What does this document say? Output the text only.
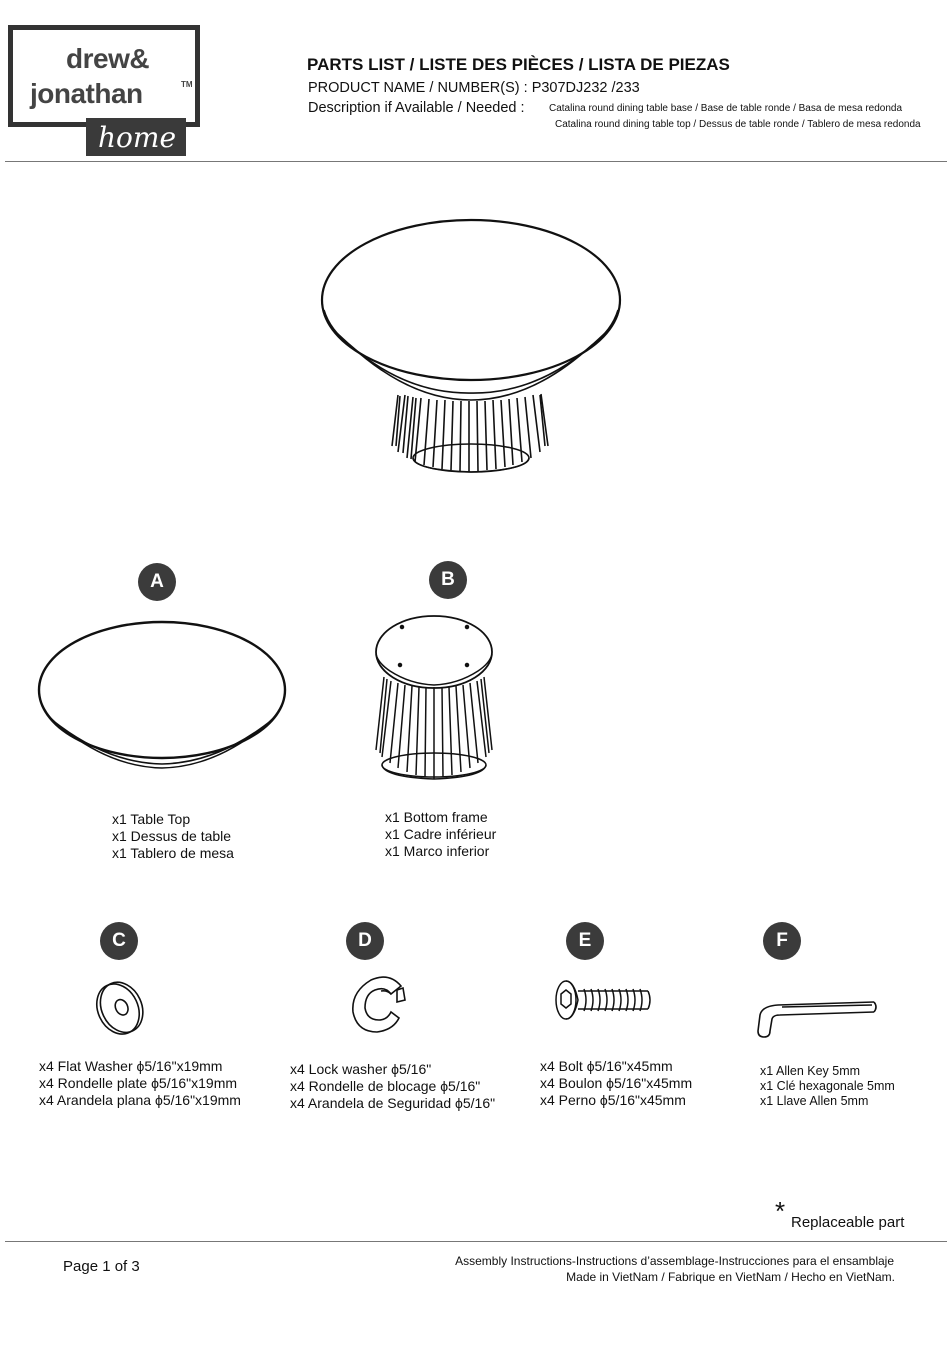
drew&
jonathan	TM
home
PARTS LIST / LISTE DES PIÈCES / LISTA DE PIEZAS
PRODUCT NAME / NUMBER(S) : P307DJ232 /233
Description if Available / Needed : Catalina round dining table base / Base de table ronde / Basa de mesa redonda
Catalina round dining table top / Dessus de table ronde / Tablero de mesa redonda
A	B
C	D	E	F
x1 Table Top
x1 Dessus de table
x1 Tablero de mesa
x1 Bottom frame
x1 Cadre inférieur
x1 Marco inferior
x4 Flat Washer ϕ5/16"x19mm
x4 Rondelle plate ϕ5/16"x19mm
x4 Arandela plana ϕ5/16"x19mm
x4 Lock washer ϕ5/16"
x4 Rondelle de blocage ϕ5/16"
x4 Arandela de Seguridad ϕ5/16"
x4 Bolt ϕ5/16"x45mm
x4 Boulon ϕ5/16"x45mm
x4 Perno ϕ5/16"x45mm
x1 Allen Key 5mm
x1 Clé hexagonale 5mm
x1 Llave Allen 5mm
* Replaceable part
Page 1 of 3	Assembly Instructions-Instructions d’assemblage-Instrucciones para el ensamblaje
Made in VietNam / Fabrique en VietNam / Hecho en VietNam.
